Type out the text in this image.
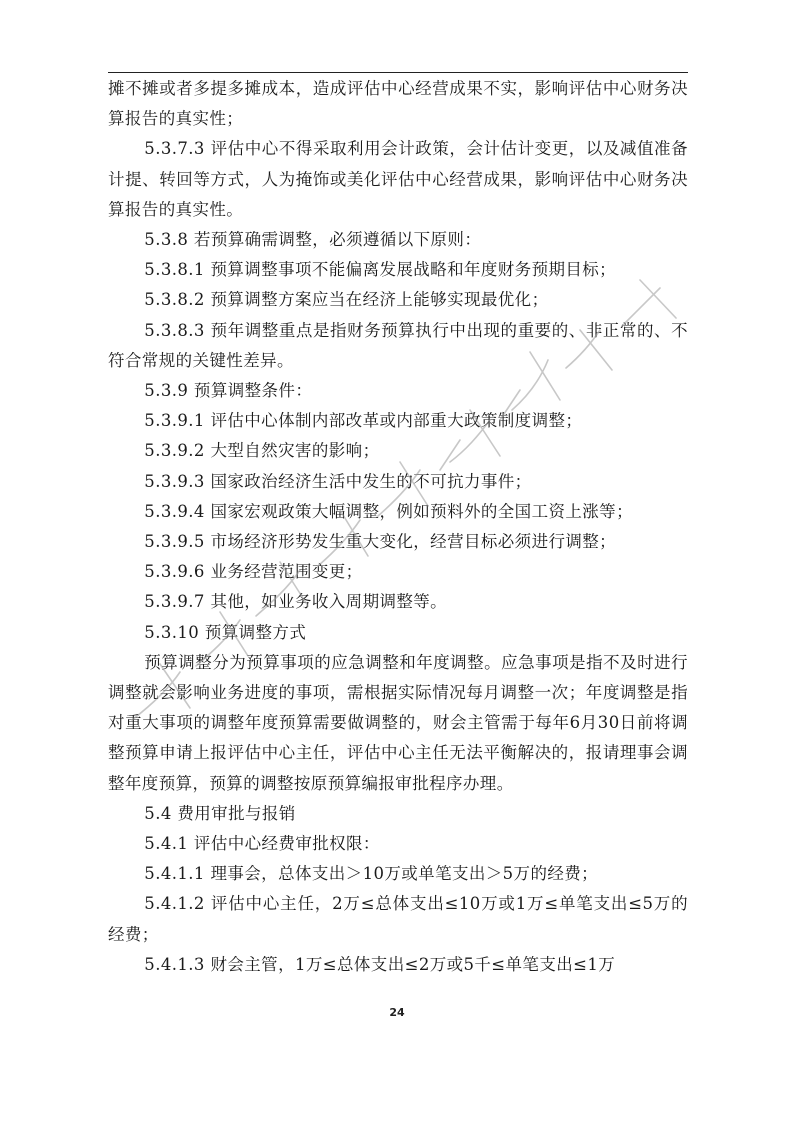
摊不摊或者多提多摊成本，造成评估中心经营成果不实，影响评估中心财务决算报告的真实性；

5.3.7.3 评估中心不得采取利用会计政策，会计估计变更，以及减值准备计提、转回等方式，人为掩饰或美化评估中心经营成果，影响评估中心财务决算报告的真实性。

5.3.8 若预算确需调整，必须遵循以下原则：

5.3.8.1 预算调整事项不能偏离发展战略和年度财务预期目标；

5.3.8.2 预算调整方案应当在经济上能够实现最优化；

5.3.8.3 预年调整重点是指财务预算执行中出现的重要的、非正常的、不符合常规的关键性差异。

5.3.9 预算调整条件：

5.3.9.1 评估中心体制内部改革或内部重大政策制度调整；

5.3.9.2 大型自然灾害的影响；

5.3.9.3 国家政治经济生活中发生的不可抗力事件；

5.3.9.4 国家宏观政策大幅调整，例如预料外的全国工资上涨等；

5.3.9.5 市场经济形势发生重大变化，经营目标必须进行调整；

5.3.9.6 业务经营范围变更；

5.3.9.7 其他，如业务收入周期调整等。

5.3.10 预算调整方式

预算调整分为预算事项的应急调整和年度调整。应急事项是指不及时进行调整就会影响业务进度的事项，需根据实际情况每月调整一次；年度调整是指对重大事项的调整年度预算需要做调整的，财会主管需于每年6月30日前将调整预算申请上报评估中心主任，评估中心主任无法平衡解决的，报请理事会调整年度预算，预算的调整按原预算编报审批程序办理。

5.4 费用审批与报销

5.4.1 评估中心经费审批权限：

5.4.1.1 理事会，总体支出＞10万或单笔支出＞5万的经费；

5.4.1.2 评估中心主任，2万≤总体支出≤10万或1万≤单笔支出≤5万的经费；

5.4.1.3 财会主管，1万≤总体支出≤2万或5千≤单笔支出≤1万

24
